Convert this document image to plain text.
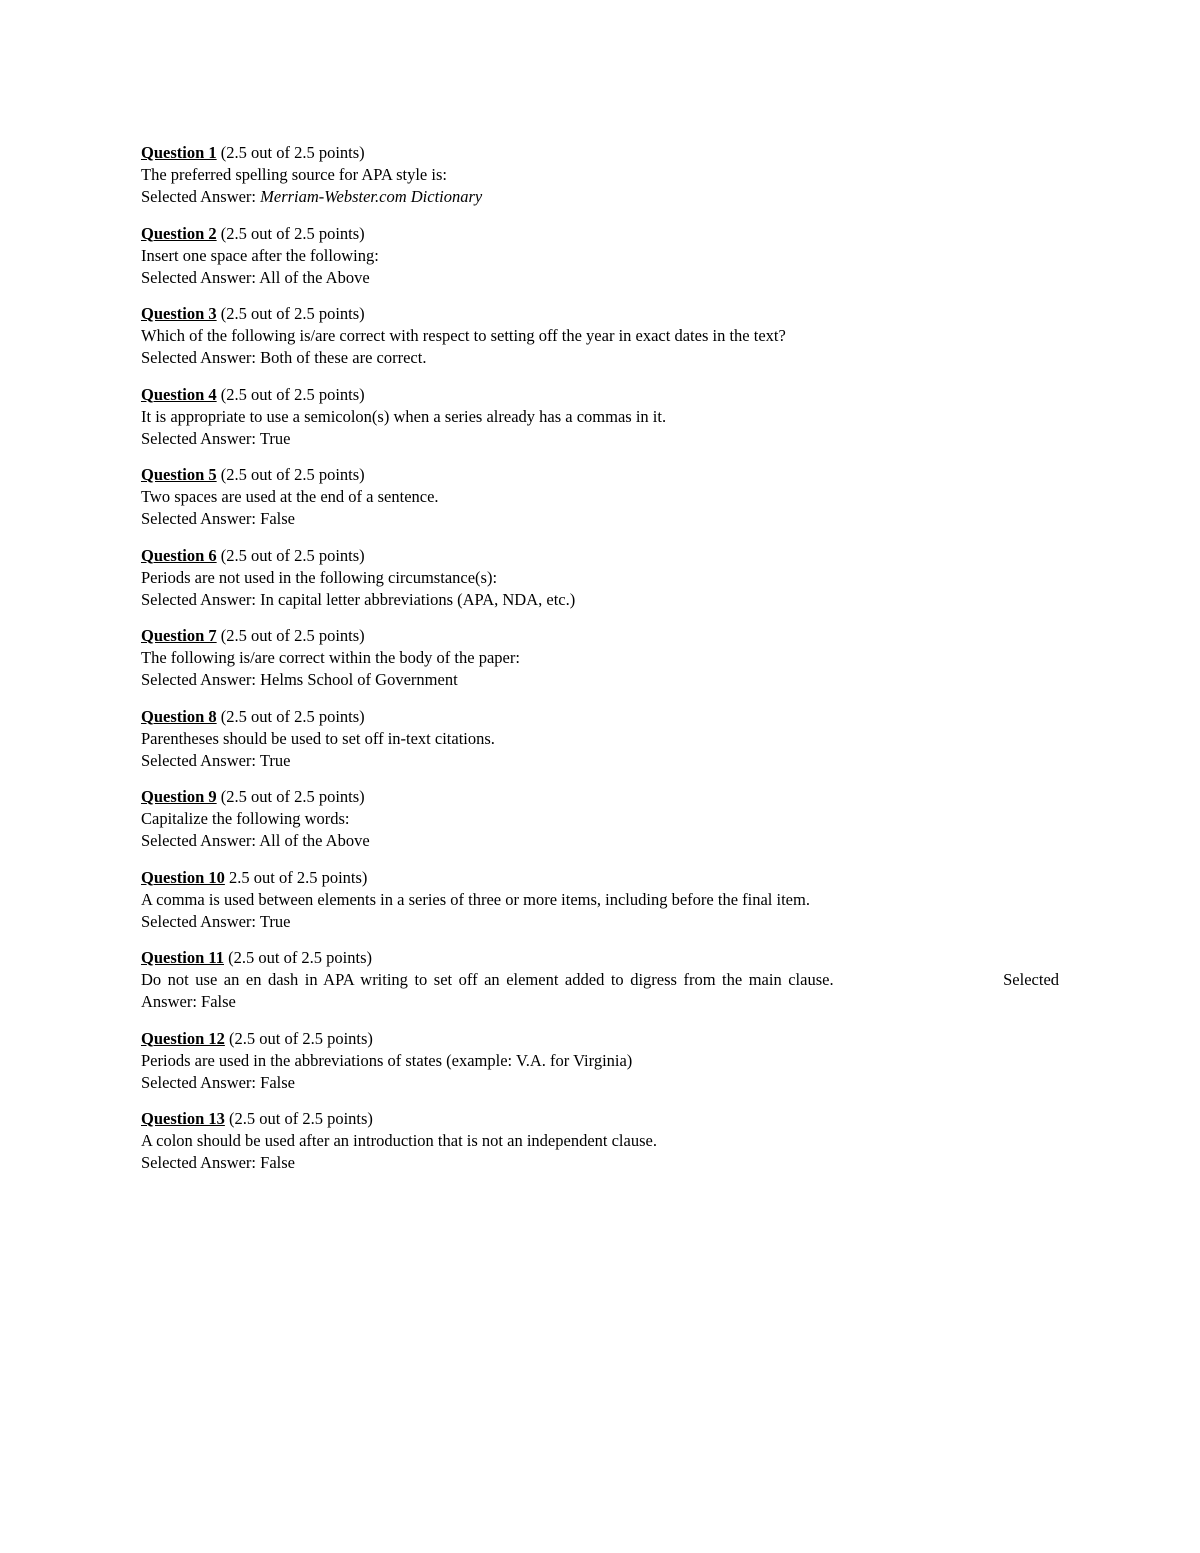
Question 1 (2.5 out of 2.5 points)
The preferred spelling source for APA style is:
Selected Answer: Merriam-Webster.com Dictionary
Question 2 (2.5 out of 2.5 points)
Insert one space after the following:
Selected Answer: All of the Above
Question 3 (2.5 out of 2.5 points)
Which of the following is/are correct with respect to setting off the year in exact dates in the text?
Selected Answer: Both of these are correct.
Question 4 (2.5 out of 2.5 points)
It is appropriate to use a semicolon(s) when a series already has a commas in it.
Selected Answer: True
Question 5 (2.5 out of 2.5 points)
Two spaces are used at the end of a sentence.
Selected Answer: False
Question 6 (2.5 out of 2.5 points)
Periods are not used in the following circumstance(s):
Selected Answer: In capital letter abbreviations (APA, NDA, etc.)
Question 7 (2.5 out of 2.5 points)
The following is/are correct within the body of the paper:
Selected Answer: Helms School of Government
Question 8 (2.5 out of 2.5 points)
Parentheses should be used to set off in-text citations.
Selected Answer: True
Question 9 (2.5 out of 2.5 points)
Capitalize the following words:
Selected Answer: All of the Above
Question 10 2.5 out of 2.5 points)
A comma is used between elements in a series of three or more items, including before the final item.
Selected Answer: True
Question 11 (2.5 out of 2.5 points)
Do not use an en dash in APA writing to set off an element added to digress from the main clause.	Selected Answer: False
Question 12 (2.5 out of 2.5 points)
Periods are used in the abbreviations of states (example: V.A. for Virginia)
Selected Answer: False
Question 13 (2.5 out of 2.5 points)
A colon should be used after an introduction that is not an independent clause.
Selected Answer: False
